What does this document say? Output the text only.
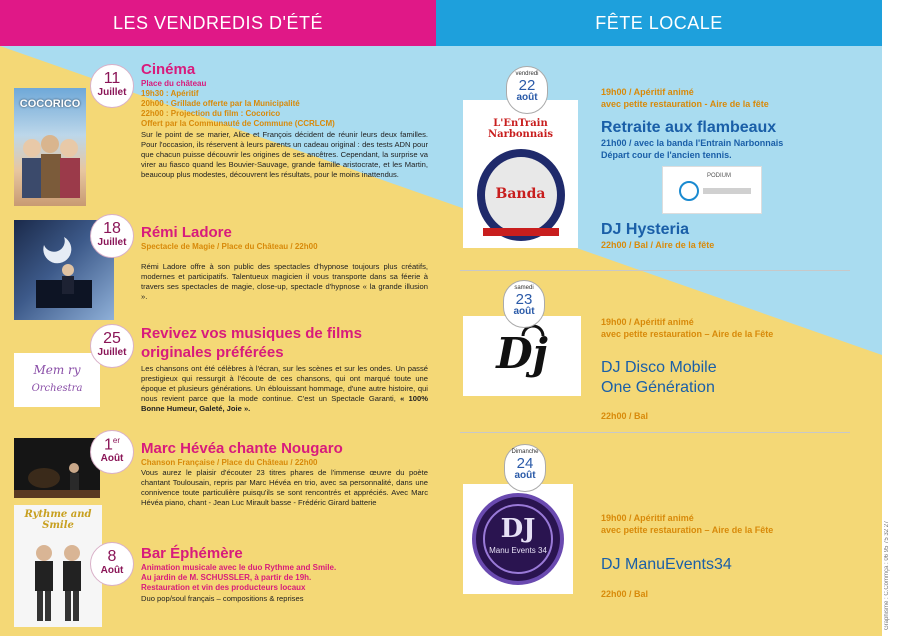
LES VENDREDIS D'ÉTÉ	FÊTE LOCALE
Graphisme : C.Commça : 06 95 75 32 27
COCORICO
11
Juillet
Cinéma
Place du château
19h30 : Apéritif
20h00 : Grillade offerte par la Municipalité
22h00 : Projection du film : Cocorico
Offert par la Communauté de Commune (CCRLCM)
Sur le point de se marier, Alice et François décident de réunir leurs deux familles. Pour l'occasion, ils réservent à leurs parents un cadeau original : des tests ADN pour que chacun puisse découvrir les origines de ses ancêtres. Cependant, la surprise va virer au fiasco quand les Bouvier-Sauvage, grande famille aristocrate, et les Martin, beaucoup plus modestes, découvrent les résultats, pour le moins inattendus.
18
Juillet
Rémi Ladore
Spectacle de Magie / Place du Château / 22h00
Rémi Ladore offre à son public des spectacles d'hypnose toujours plus créatifs, modernes et participatifs. Talentueux magicien il vous transporte dans sa féerie à travers ses spectacles de magie, close-up, spectacle d'hypnose « la grande illusion ».
Mem ry
Orchestra
25
Juillet
Revivez vos musiques de films
originales préférées
Les chansons ont été célèbres à l'écran, sur les scènes et sur les ondes. Un passé prestigieux qui ressurgit à l'écoute de ces chansons, qui ont marqué toute une époque et plusieurs générations. Un éblouissant hommage, d'une autre histoire, qui nous revient parce que la mode continue. C'est un Spectacle Garanti, « 100% Bonne Humeur, Galeté, Joie ».
1er
Août
Marc Hévéa chante Nougaro
Chanson Française / Place du Château / 22h00
Vous aurez le plaisir d'écouter 23 titres phares de l'immense œuvre du poète chantant Toulousain, repris par Marc Hévéa en trio, avec sa personnalité, dans une connivence toute particulière puisqu'ils se sont rencontrés et appréciés. Avec Marc Hévéa piano, chant - Jean Luc Mirault basse - Frédéric Girard batterie
Rythme and Smile
8
Août
Bar Éphémère
Animation musicale avec le duo Rythme and Smile.
Au jardin de M. SCHUSSLER, à partir de 19h.
Restauration et vin des producteurs locaux
Duo pop/soul français – compositions & reprises
L'EnTrain Narbonnais
Banda
vendredi
22
août	19h00 / Apéritif animé
avec petite restauration - Aire de la fête
Retraite aux flambeaux
21h00 / avec la banda l'Entrain Narbonnais
Départ cour de l'ancien tennis.
PODIUM
DJ Hysteria
22h00 / Bal / Aire de la fête
Dj
samedi
23
août
19h00 / Apéritif animé
avec petite restauration – Aire de la Fête
DJ Disco Mobile
One Génération
22h00 / Bal
DJ
Manu Events 34
Dimanche
24
août
19h00 / Apéritif animé
avec petite restauration – Aire de la Fête
DJ ManuEvents34
22h00 / Bal
